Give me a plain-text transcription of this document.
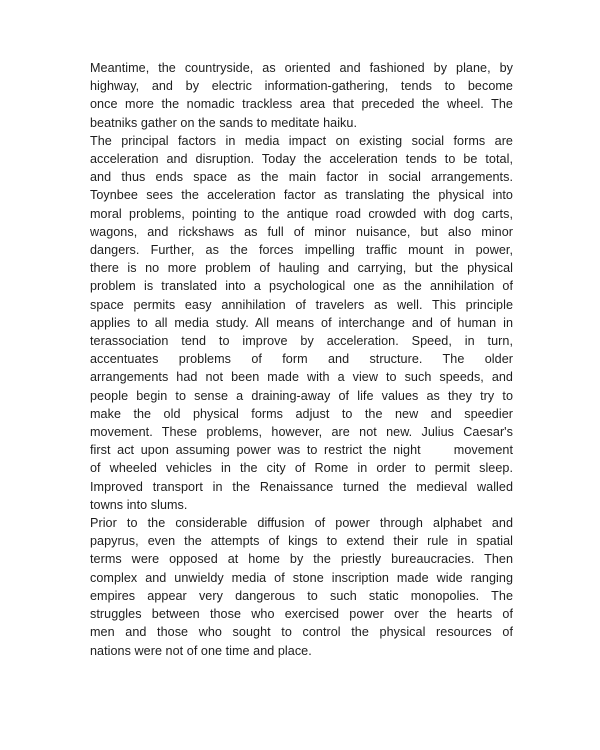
Meantime, the countryside, as oriented and fashioned by plane, by
highway, and by electric information-gathering, tends to become
once more the nomadic trackless area that preceded the wheel. The
beatniks gather on the sands to meditate haiku.
The principal factors in media impact on existing social forms are
acceleration and disruption. Today the acceleration tends to be total,
and thus ends space as the main factor in social arrangements.
Toynbee sees the acceleration factor as translating the physical into
moral problems, pointing to the antique road crowded with dog carts,
wagons, and rickshaws as full of minor nuisance, but also minor
dangers. Further, as the forces impelling traffic mount in power,
there is no more problem of hauling and carrying, but the physical
problem is translated into a psychological one as the annihilation of
space permits easy annihilation of travelers as well. This principle
applies to all media study. All means of interchange and of human in
terassociation tend to improve by acceleration. Speed, in turn,
accentuates problems of form and structure. The older
arrangements had not been made with a view to such speeds, and
people begin to sense a draining-away of life values as they try to
make the old physical forms adjust to the new and speedier
movement. These problems, however, are not new. Julius Caesar's
first act upon assuming power was to restrict the night     movement
of wheeled vehicles in the city of Rome in order to permit sleep.
Improved transport in the Renaissance turned the medieval walled
towns into slums.
Prior to the considerable diffusion of power through alphabet and
papyrus, even the attempts of kings to extend their rule in spatial
terms were opposed at home by the priestly bureaucracies. Then
complex and unwieldy media of stone inscription made wide ranging
empires appear very dangerous to such static monopolies. The
struggles between those who exercised power over the hearts of
men and those who sought to control the physical resources of
nations were not of one time and place.
